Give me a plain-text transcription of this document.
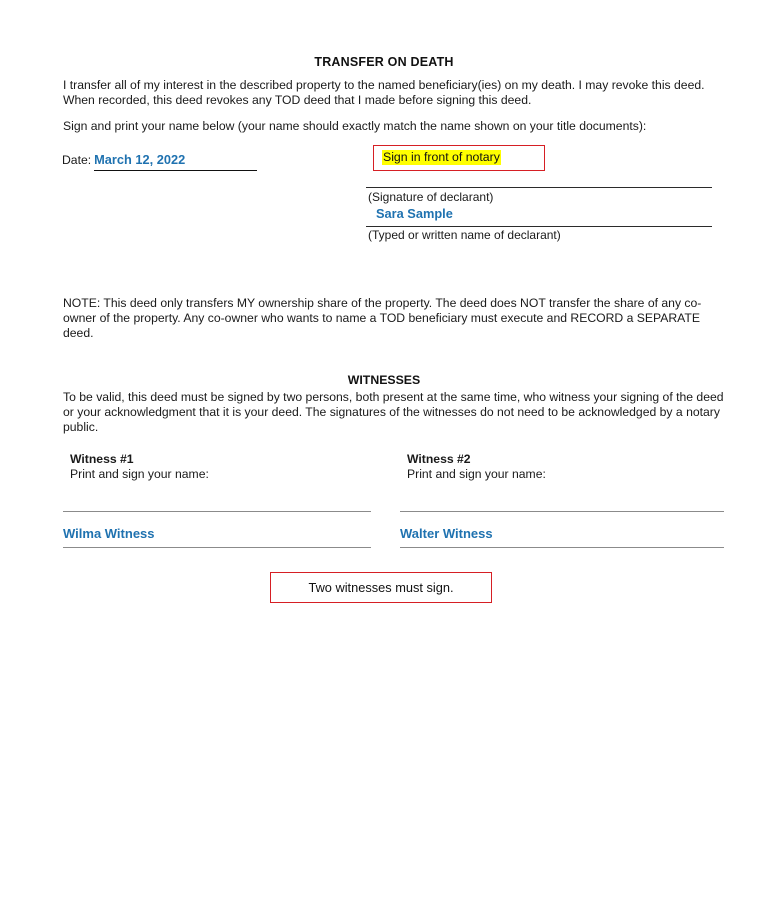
TRANSFER ON DEATH
I transfer all of my interest in the described property to the named beneficiary(ies) on my death. I may revoke this deed. When recorded, this deed revokes any TOD deed that I made before signing this deed.
Sign and print your name below (your name should exactly match the name shown on your title documents):
Date: March 12, 2022	Sign in front of notary
(Signature of declarant)
Sara Sample
(Typed or written name of declarant)
NOTE: This deed only transfers MY ownership share of the property. The deed does NOT transfer the share of any co-owner of the property. Any co-owner who wants to name a TOD beneficiary must execute and RECORD a SEPARATE deed.
WITNESSES
To be valid, this deed must be signed by two persons, both present at the same time, who witness your signing of the deed or your acknowledgment that it is your deed. The signatures of the witnesses do not need to be acknowledged by a notary public.
Witness #1
Print and sign your name:
Wilma Witness
Witness #2
Print and sign your name:
Walter Witness
Two witnesses must sign.
